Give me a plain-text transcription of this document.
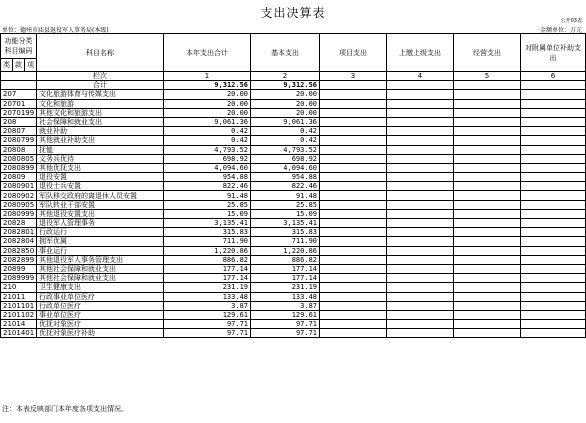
支出决算表
公开03表
单位：德州市庙县退役军人事务局(本级)	金额单位：万元
功能分类科目编码			科目名称	本年支出合计	基本支出	项目支出	上缴上级支出	经营支出	对附属单位补助支出
类	款	项							
			栏次	1	2	3	4	5	6
			合计	9,312.56	9,312.56				
207			文化旅游体育与传媒支出	20.00	20.00				
20701			文化和旅游	20.00	20.00				
2070199			其他文化和旅游支出	20.00	20.00				
208			社会保障和就业支出	9,061.36	9,061.36				
20807			就业补助	0.42	0.42				
2080799			其他就业补助支出	0.42	0.42				
20808			抚恤	4,793.52	4,793.52				
2080805			义务兵优待	698.92	698.92				
2080899			其他优抚支出	4,094.60	4,094.60				
20809			退役安置	954.88	954.88				
2080901			退役士兵安置	822.46	822.46				
2080902			军队移交政府的离退休人员安置	91.48	91.48				
2080905			军队转业干部安置	25.85	25.85				
2080999			其他退役安置支出	15.09	15.09				
20828			退役军人管理事务	3,135.41	3,135.41				
2082801			行政运行	315.83	315.83				
2082804			拥军优属	711.90	711.90				
2082850			事业运行	1,220.86	1,220.86				
2082899			其他退役军人事务管理支出	886.82	886.82				
20899			其他社会保障和就业支出	177.14	177.14				
2089999			其他社会保障和就业支出	177.14	177.14				
210			卫生健康支出	231.19	231.19				
21011			行政事业单位医疗	133.48	133.48				
2101101			行政单位医疗	3.87	3.87				
2101102			事业单位医疗	129.61	129.61				
21014			优抚对象医疗	97.71	97.71				
2101401			优抚对象医疗补助	97.71	97.71				
注：本表反映部门本年度各项支出情况。
